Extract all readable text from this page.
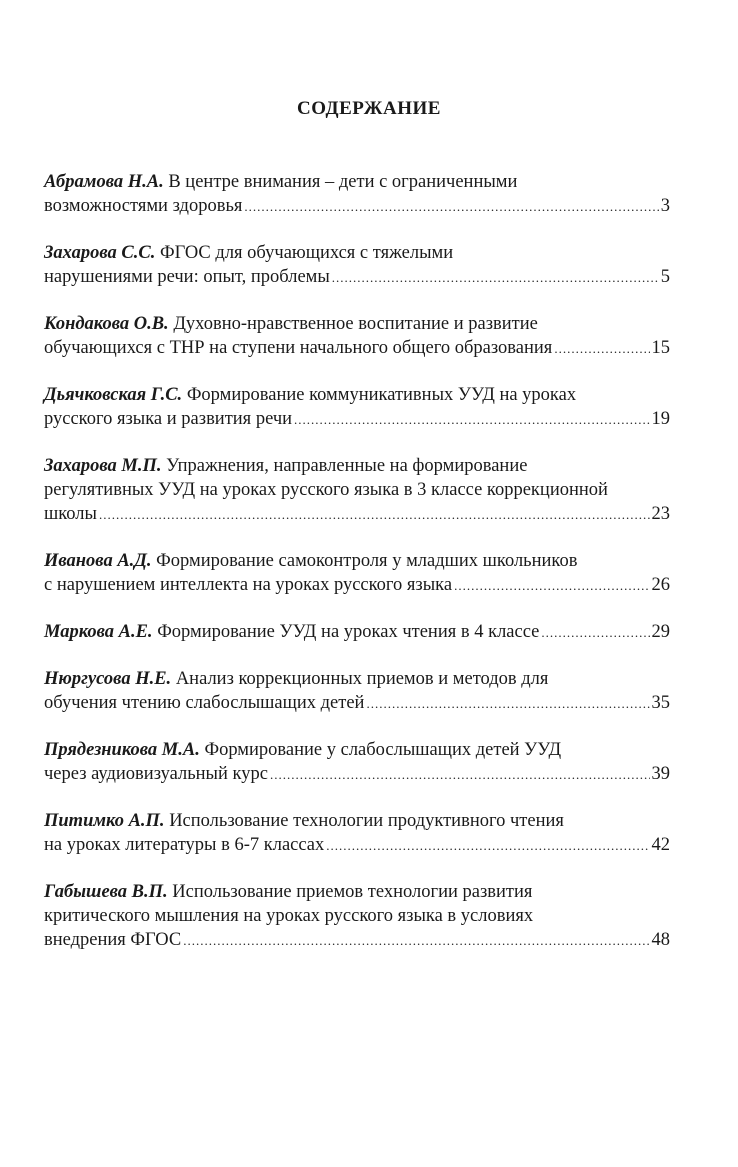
СОДЕРЖАНИЕ
Абрамова Н.А. В центре внимания – дети с ограниченными
возможностями здоровья .....	3
Захарова С.С. ФГОС для обучающихся с тяжелыми
нарушениями речи: опыт, проблемы .....	5
Кондакова О.В. Духовно-нравственное воспитание и развитие
обучающихся с ТНР на ступени начального общего образования .....	15
Дьячковская Г.С. Формирование коммуникативных УУД на уроках
русского языка и развития речи .....	19
Захарова М.П. Упражнения, направленные на формирование
регулятивных УУД на уроках русского языка в 3 классе коррекционной
школы .....	23
Иванова А.Д. Формирование самоконтроля у младших школьников
с нарушением интеллекта на уроках русского языка .....	26
Маркова А.Е. Формирование УУД на уроках чтения в 4 классе .....	29
Нюргусова Н.Е. Анализ коррекционных приемов и методов для
обучения чтению слабослышащих детей .....	35
Прядезникова М.А. Формирование у слабослышащих детей УУД
через аудиовизуальный курс .....	39
Питимко А.П. Использование технологии продуктивного чтения
на уроках литературы в 6-7 классах .....	42
Габышева В.П. Использование приемов технологии развития
критического мышления на уроках русского языка в условиях
внедрения ФГОС .....	48
